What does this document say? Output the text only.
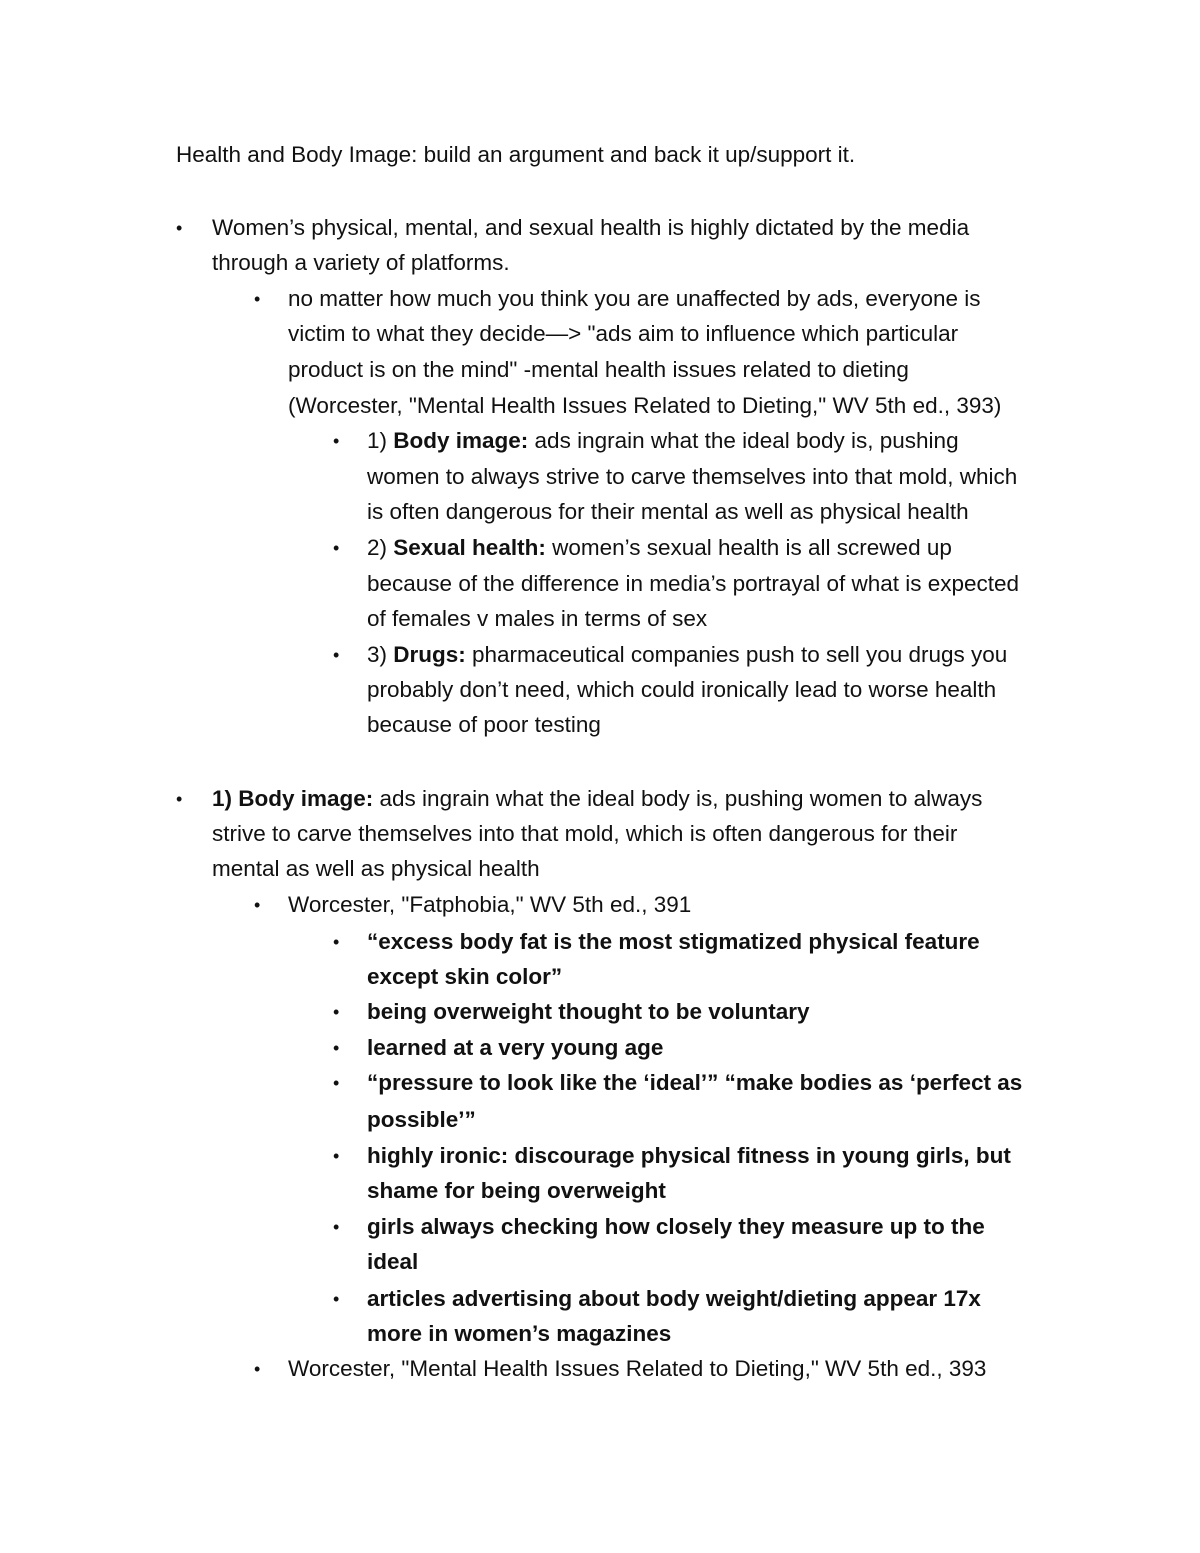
Health and Body Image: build an argument and back it up/support it.

• Women’s physical, mental, and sexual health is highly dictated by the media

through a variety of platforms.

• no matter how much you think you are unaffected by ads, everyone is

victim to what they decide—> "ads aim to influence which particular

product is on the mind" -mental health issues related to dieting

(Worcester, "Mental Health Issues Related to Dieting," WV 5th ed., 393)

• 1) Body image: ads ingrain what the ideal body is, pushing

women to always strive to carve themselves into that mold, which

is often dangerous for their mental as well as physical health

• 2) Sexual health: women’s sexual health is all screwed up

because of the difference in media’s portrayal of what is expected

of females v males in terms of sex

• 3) Drugs: pharmaceutical companies push to sell you drugs you

probably don’t need, which could ironically lead to worse health

because of poor testing

• 1) Body image: ads ingrain what the ideal body is, pushing women to always

strive to carve themselves into that mold, which is often dangerous for their

mental as well as physical health

• Worcester, "Fatphobia," WV 5th ed., 391

• “excess body fat is the most stigmatized physical feature

except skin color”

• being overweight thought to be voluntary

• learned at a very young age

• “pressure to look like the ‘ideal’” “make bodies as ‘perfect as

possible’”

• highly ironic: discourage physical fitness in young girls, but

shame for being overweight

• girls always checking how closely they measure up to the

ideal

• articles advertising about body weight/dieting appear 17x

more in women’s magazines

• Worcester, "Mental Health Issues Related to Dieting," WV 5th ed., 393
